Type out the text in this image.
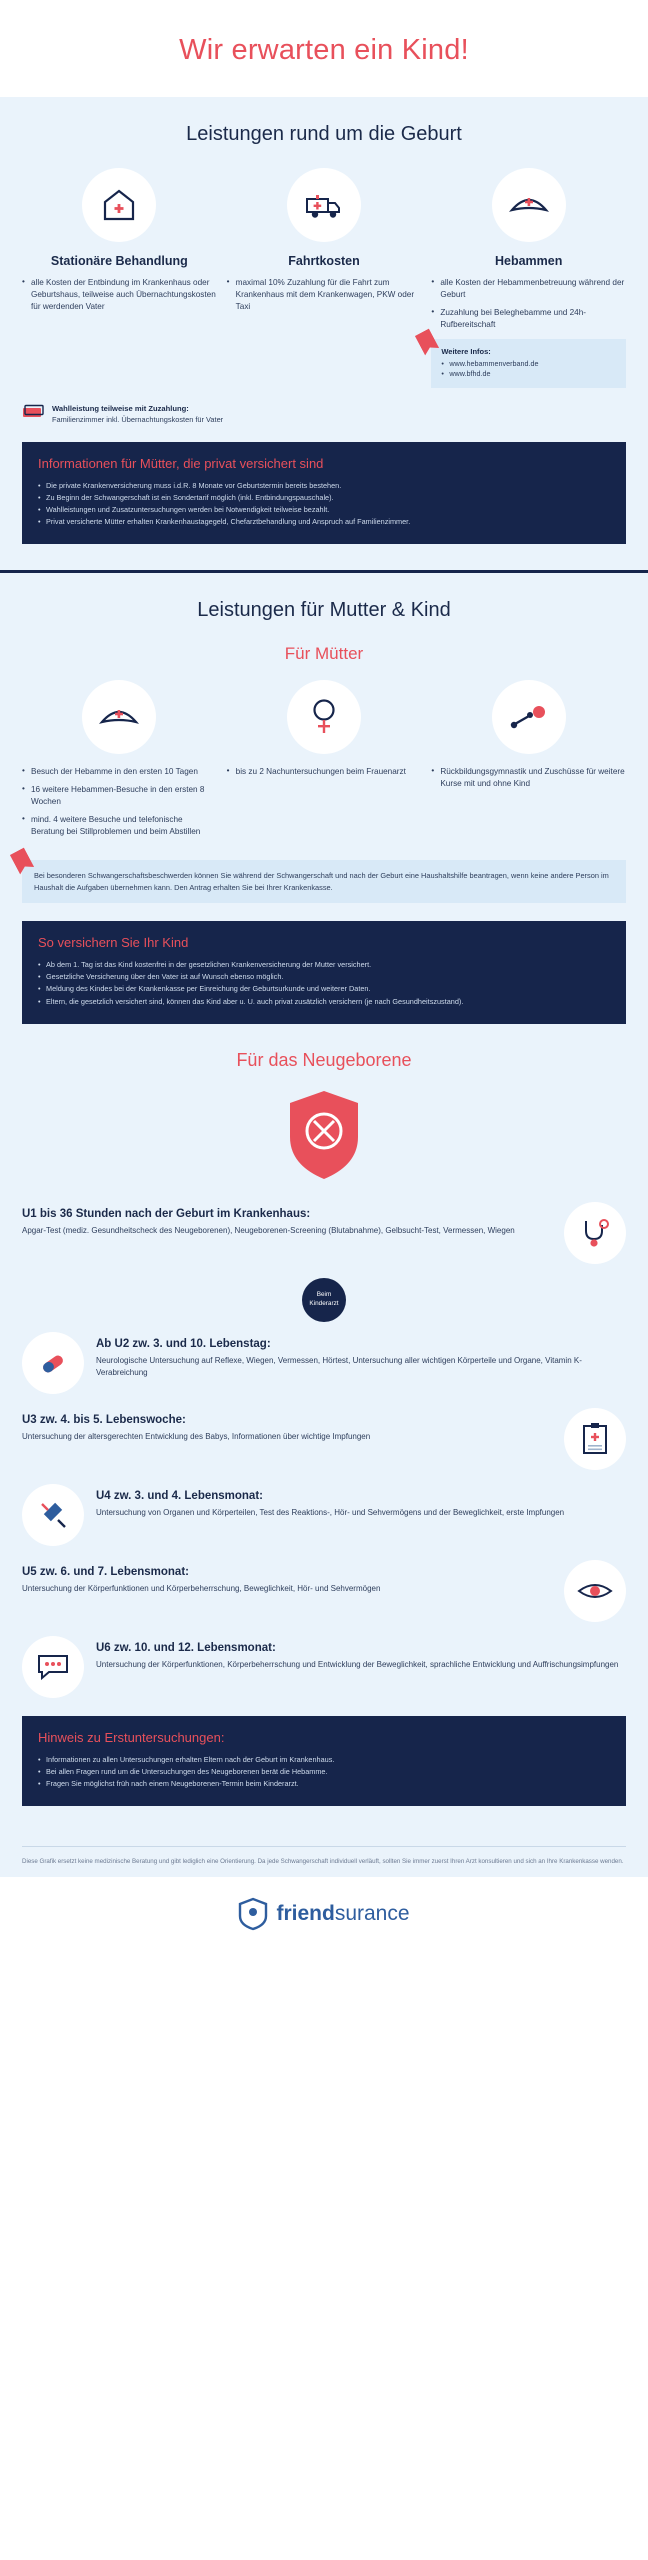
Wir erwarten ein Kind!
Leistungen rund um die Geburt
Stationäre Behandlung
• alle Kosten der Entbindung im Krankenhaus oder Geburtshaus, teilweise auch Übernachtungskosten für werdenden Vater
Fahrtkosten
• maximal 10% Zuzahlung für die Fahrt zum Krankenhaus mit dem Krankenwagen, PKW oder Taxi
Hebammen
• alle Kosten der Hebammenbetreuung während der Geburt
• Zuzahlung bei Beleghebamme und 24h-Rufbereitschaft
Weitere Infos:
• www.hebammenverband.de
• www.bfhd.de
Wahlleistung teilweise mit Zuzahlung:
Familienzimmer inkl. Übernachtungskosten für Vater
Informationen für Mütter, die privat versichert sind
• Die private Krankenversicherung muss i.d.R. 8 Monate vor Geburtstermin bereits bestehen.
• Zu Beginn der Schwangerschaft ist ein Sondertarif möglich (inkl. Entbindungspauschale).
• Wahlleistungen und Zusatzuntersuchungen werden bei Notwendigkeit teilweise bezahlt.
• Privat versicherte Mütter erhalten Krankenhaustagegeld, Chefarztbehandlung und Anspruch auf Familienzimmer.
Leistungen für Mutter & Kind
Für Mütter
• Besuch der Hebamme in den ersten 10 Tagen
• 16 weitere Hebammen-Besuche in den ersten 8 Wochen
• mind. 4 weitere Besuche und telefonische Beratung bei Stillproblemen und beim Abstillen
• bis zu 2 Nachuntersuchungen beim Frauenarzt	• Rückbildungsgymnastik und Zuschüsse für weitere Kurse mit und ohne Kind
Bei besonderen Schwangerschaftsbeschwerden können Sie während der Schwangerschaft und nach der Geburt eine Haushaltshilfe beantragen, wenn keine andere Person im Haushalt die Aufgaben übernehmen kann. Den Antrag erhalten Sie bei Ihrer Krankenkasse.
So versichern Sie Ihr Kind
• Ab dem 1. Tag ist das Kind kostenfrei in der gesetzlichen Krankenversicherung der Mutter versichert.
• Gesetzliche Versicherung über den Vater ist auf Wunsch ebenso möglich.
• Meldung des Kindes bei der Krankenkasse per Einreichung der Geburtsurkunde und weiterer Daten.
• Eltern, die gesetzlich versichert sind, können das Kind aber u. U. auch privat zusätzlich versichern (je nach Gesundheitszustand).
Für das Neugeborene
U1 bis 36 Stunden nach der Geburt im Krankenhaus:

Apgar-Test (mediz. Gesundheitscheck des Neugeborenen), Neugeborenen-Screening (Blutabnahme), Gelbsucht-Test, Vermessen, Wiegen

Beim
Kinderarzt
Ab U2 zw. 3. und 10. Lebenstag:

Neurologische Untersuchung auf Reflexe, Wiegen, Vermessen, Hörtest, Untersuchung aller wichtigen Körperteile und Organe, Vitamin K-Verabreichung

U3 zw. 4. bis 5. Lebenswoche:

Untersuchung der altersgerechten Entwicklung des Babys, Informationen über wichtige Impfungen

U4 zw. 3. und 4. Lebensmonat:

Untersuchung von Organen und Körperteilen, Test des Reaktions-, Hör- und Sehvermögens und der Beweglichkeit, erste Impfungen

U5 zw. 6. und 7. Lebensmonat:

Untersuchung der Körperfunktionen und Körperbeherrschung, Beweglichkeit, Hör- und Sehvermögen

U6 zw. 10. und 12. Lebensmonat:

Untersuchung der Körperfunktionen, Körperbeherrschung und Entwicklung der Beweglichkeit, sprachliche Entwicklung und Auffrischungsimpfungen

Hinweis zu Erstuntersuchungen:
• Informationen zu allen Untersuchungen erhalten Eltern nach der Geburt im Krankenhaus.
• Bei allen Fragen rund um die Untersuchungen des Neugeborenen berät die Hebamme.
• Fragen Sie möglichst früh nach einem Neugeborenen-Termin beim Kinderarzt.
Diese Grafik ersetzt keine medizinische Beratung und gibt lediglich eine Orientierung. Da jede Schwangerschaft individuell verläuft, sollten Sie immer zuerst Ihren Arzt konsultieren und sich an Ihre Krankenkasse wenden.
friendsurance
